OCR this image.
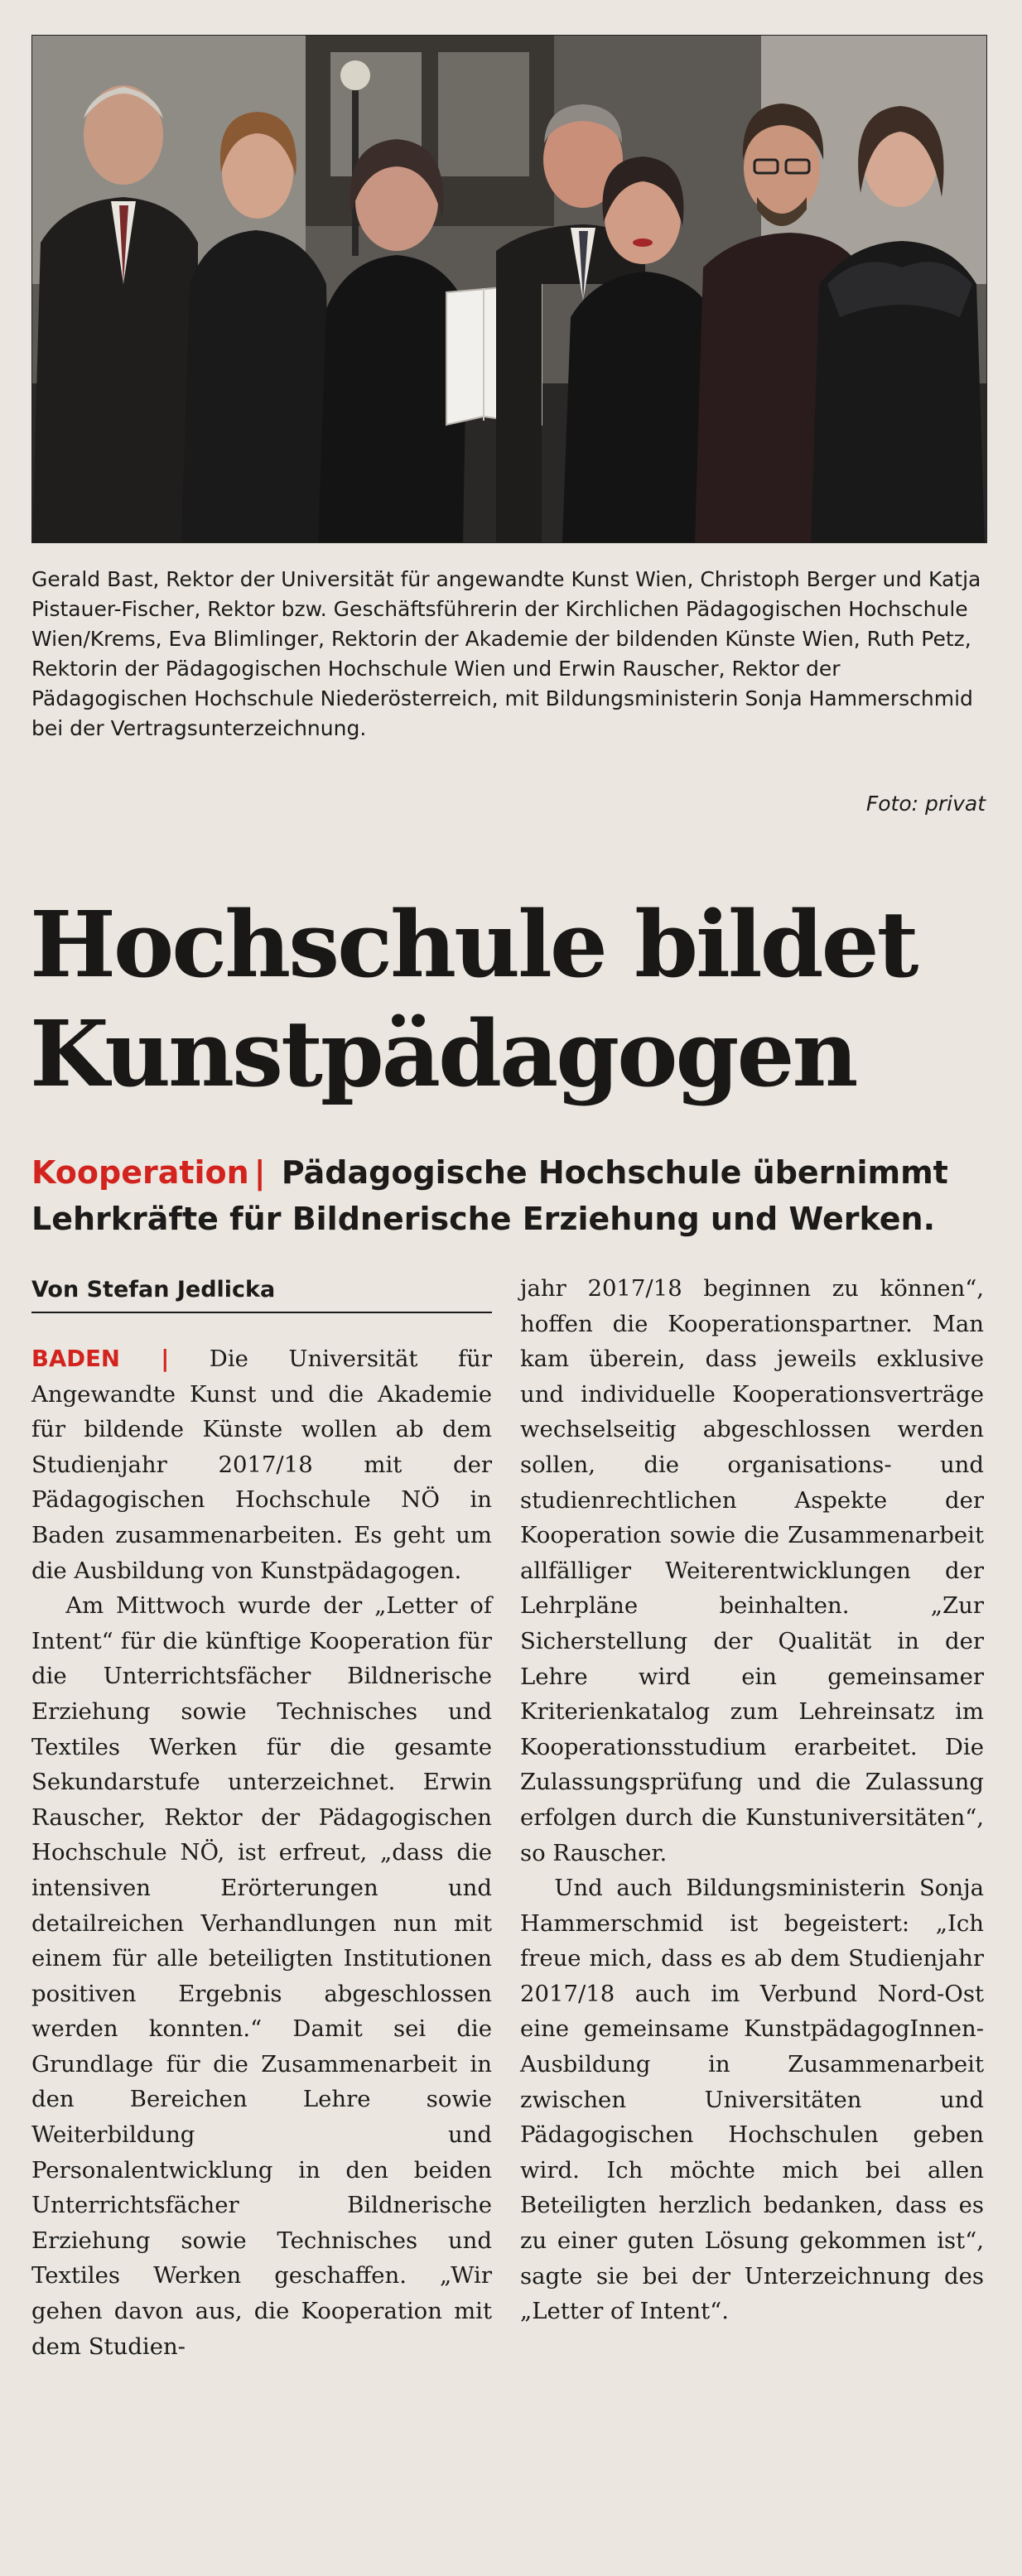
Gerald Bast, Rektor der Universität für angewandte Kunst Wien, Christoph Berger und Katja Pistauer-Fischer, Rektor bzw. Geschäftsführerin der Kirchlichen Pädagogischen Hochschule Wien/Krems, Eva Blimlinger, Rektorin der Akademie der bildenden Künste Wien, Ruth Petz, Rektorin der Pädagogischen Hochschule Wien und Erwin Rauscher, Rektor der Pädagogischen Hochschule Niederösterreich, mit Bildungsministerin Sonja Hammerschmid bei der Vertragsunterzeichnung.
Foto: privat
Hochschule bildet Kunstpädagogen
Kooperation | Pädagogische Hochschule übernimmt Lehrkräfte für Bildnerische Erziehung und Werken.
Von Stefan Jedlicka

BADEN | Die Universität für Angewandte Kunst und die Akademie für bildende Künste wollen ab dem Studienjahr 2017/18 mit der Pädagogischen Hochschule NÖ in Baden zusammenarbeiten. Es geht um die Ausbildung von Kunstpädagogen.

Am Mittwoch wurde der „Letter of Intent“ für die künftige Kooperation für die Unterrichtsfächer Bildnerische Erziehung sowie Technisches und Textiles Werken für die gesamte Sekundarstufe unterzeichnet. Erwin Rauscher, Rektor der Pädagogischen Hochschule NÖ, ist erfreut, „dass die intensiven Erörterungen und detailreichen Verhandlungen nun mit einem für alle beteiligten Institutionen positiven Ergebnis abgeschlossen werden konnten.“ Damit sei die Grundlage für die Zusammenarbeit in den Bereichen Lehre sowie Weiterbildung und Personalentwicklung in den beiden Unterrichtsfächer Bildnerische Erziehung sowie Technisches und Textiles Werken geschaffen. „Wir gehen davon aus, die Kooperation mit dem Studien-

jahr 2017/18 beginnen zu können“, hoffen die Kooperationspartner. Man kam überein, dass jeweils exklusive und individuelle Kooperationsverträge wechselseitig abgeschlossen werden sollen, die organisations- und studienrechtlichen Aspekte der Kooperation sowie die Zusammenarbeit allfälliger Weiterentwicklungen der Lehrpläne beinhalten. „Zur Sicherstellung der Qualität in der Lehre wird ein gemeinsamer Kriterienkatalog zum Lehreinsatz im Kooperationsstudium erarbeitet. Die Zulassungsprüfung und die Zulassung erfolgen durch die Kunstuniversitäten“, so Rauscher.

Und auch Bildungsministerin Sonja Hammerschmid ist begeistert: „Ich freue mich, dass es ab dem Studienjahr 2017/18 auch im Verbund Nord-Ost eine gemeinsame KunstpädagogInnen-Ausbildung in Zusammenarbeit zwischen Universitäten und Pädagogischen Hochschulen geben wird. Ich möchte mich bei allen Beteiligten herzlich bedanken, dass es zu einer guten Lösung gekommen ist“, sagte sie bei der Unterzeichnung des „Letter of Intent“.
